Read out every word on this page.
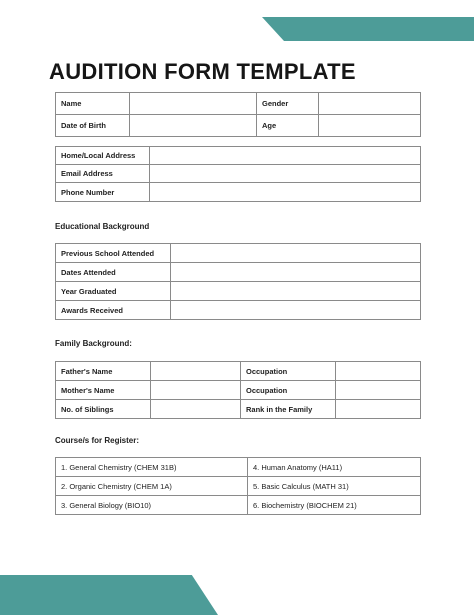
AUDITION FORM TEMPLATE
Name		Gender	
Date of Birth		Age	
Home/Local Address	
Email Address	
Phone Number	
Educational Background
Previous School Attended	
Dates Attended	
Year Graduated	
Awards Received	
Family Background:
Father's Name		Occupation	
Mother's Name		Occupation	
No. of Siblings		Rank in the Family	
Course/s for Register:
1. General Chemistry (CHEM 31B)	4. Human Anatomy (HA11)
2. Organic Chemistry (CHEM 1A)	5. Basic Calculus (MATH 31)
3. General Biology (BIO10)	6. Biochemistry (BIOCHEM 21)
